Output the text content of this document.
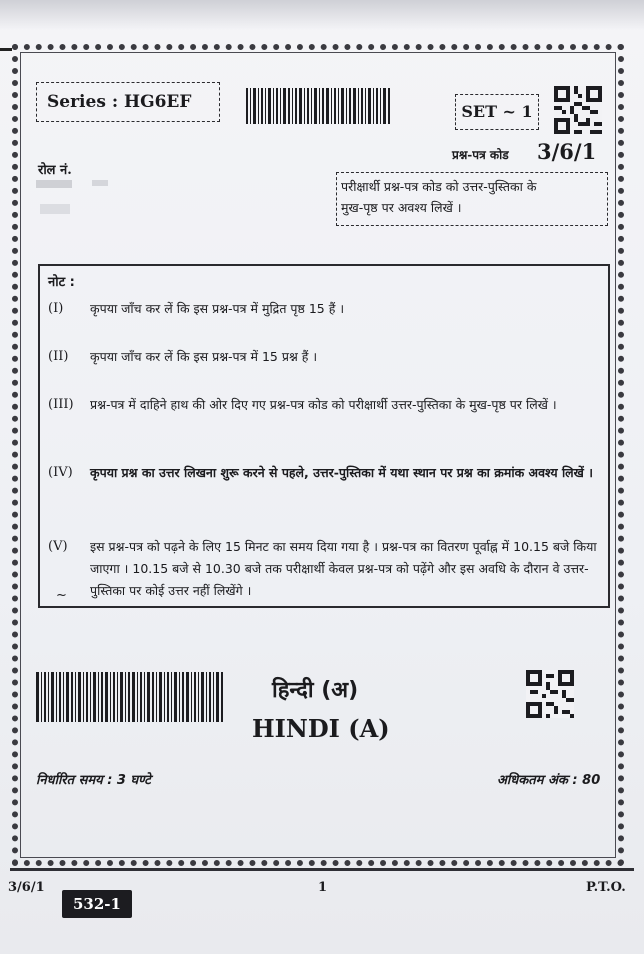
Series : HG6EF	SET ~ 1
रोल नं.
प्रश्न-पत्र कोड 3/6/1
परीक्षार्थी प्रश्न-पत्र कोड को उत्तर-पुस्तिका के
मुख-पृष्ठ पर अवश्य लिखें ।
नोट :
(I) कृपया जाँच कर लें कि इस प्रश्न-पत्र में मुद्रित पृष्ठ 15 हैं ।
(II) कृपया जाँच कर लें कि इस प्रश्न-पत्र में 15 प्रश्न हैं ।
(III) प्रश्न-पत्र में दाहिने हाथ की ओर दिए गए प्रश्न-पत्र कोड को परीक्षार्थी उत्तर-पुस्तिका के मुख-पृष्ठ पर लिखें ।
(IV) कृपया प्रश्न का उत्तर लिखना शुरू करने से पहले, उत्तर-पुस्तिका में यथा स्थान पर प्रश्न का क्रमांक अवश्य लिखें ।
(V) इस प्रश्न-पत्र को पढ़ने के लिए 15 मिनट का समय दिया गया है । प्रश्न-पत्र का वितरण पूर्वाह्न में 10.15 बजे किया जाएगा । 10.15 बजे से 10.30 बजे तक परीक्षार्थी केवल प्रश्न-पत्र को पढ़ेंगे और इस अवधि के दौरान वे उत्तर-पुस्तिका पर कोई उत्तर नहीं लिखेंगे ।
~
हिन्दी (अ)
HINDI (A)
निर्धारित समय : 3 घण्टे	अधिकतम अंक : 80
3/6/1	1	P.T.O.
532-1
